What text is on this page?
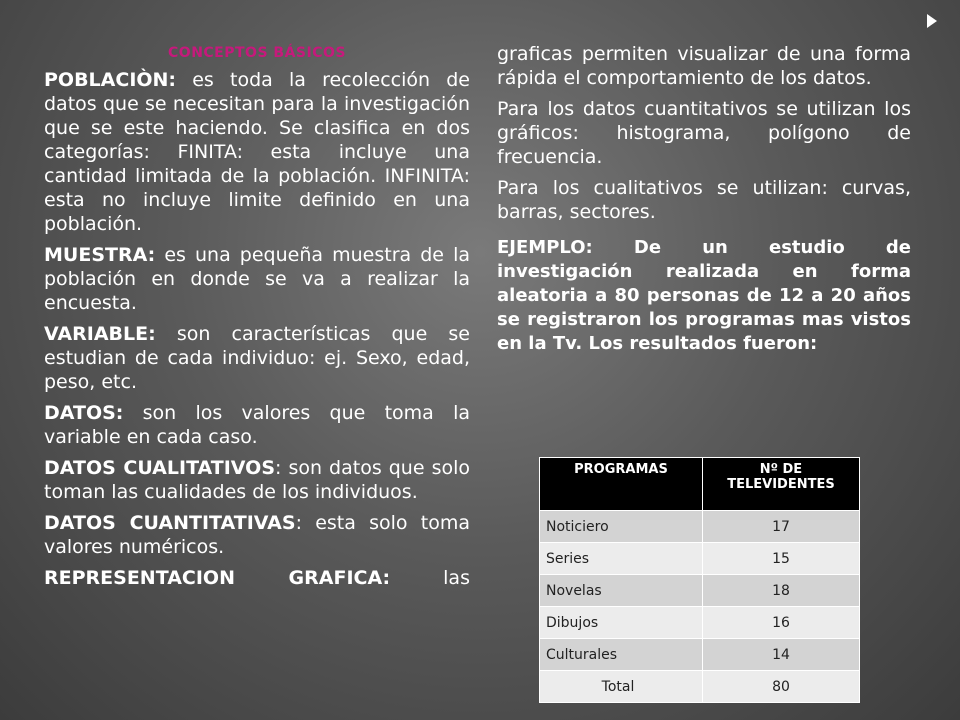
CONCEPTOS BÁSICOS

POBLACIÒN: es toda la recolección de datos que se necesitan para la investigación que se este haciendo. Se clasifica en dos categorías: FINITA: esta incluye una cantidad limitada de la población. INFINITA: esta no incluye limite definido en una población.

MUESTRA: es una pequeña muestra de la población en donde se va a realizar la encuesta.

VARIABLE: son características que se estudian de cada individuo: ej. Sexo, edad, peso, etc.

DATOS: son los valores que toma la variable en cada caso.

DATOS CUALITATIVOS: son datos que solo toman las cualidades de los individuos.

DATOS CUANTITATIVAS: esta solo toma valores numéricos.

REPRESENTACION GRAFICA: las

graficas permiten visualizar de una forma rápida el comportamiento de los datos.

Para los datos cuantitativos se utilizan los gráficos: histograma, polígono de frecuencia.

Para los cualitativos se utilizan: curvas, barras, sectores.

EJEMPLO: De un estudio de investigación realizada en forma aleatoria a 80 personas de 12 a 20 años se registraron los programas mas vistos en la Tv. Los resultados fueron:

PROGRAMAS	Nº DE TELEVIDENTES
Noticiero	17
Series	15
Novelas	18
Dibujos	16
Culturales	14
Total	80
